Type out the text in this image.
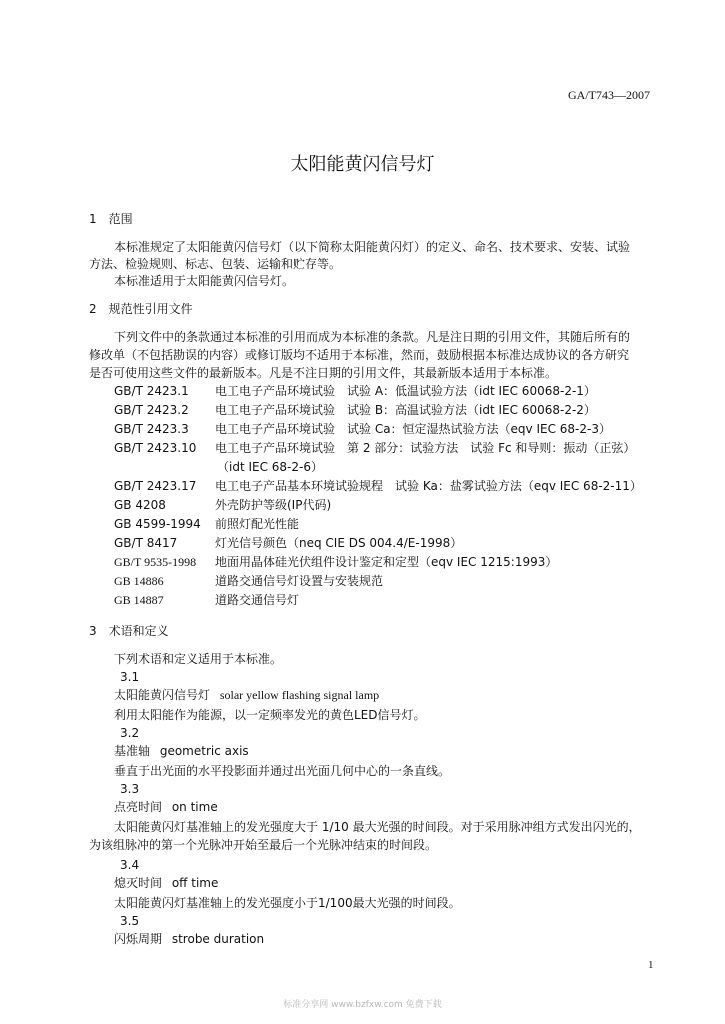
GA/T743—2007
太阳能黄闪信号灯
1　范围
本标准规定了太阳能黄闪信号灯（以下简称太阳能黄闪灯）的定义、命名、技术要求、安装、试验
方法、检验规则、标志、包装、运输和贮存等。
本标准适用于太阳能黄闪信号灯。
2　规范性引用文件
下列文件中的条款通过本标准的引用而成为本标准的条款。凡是注日期的引用文件，其随后所有的
修改单（不包括勘误的内容）或修订版均不适用于本标准，然而，鼓励根据本标准达成协议的各方研究
是否可使用这些文件的最新版本。凡是不注日期的引用文件，其最新版本适用于本标准。
GB/T 2423.1 电工电子产品环境试验　试验 A：低温试验方法（idt IEC 60068-2-1）
GB/T 2423.2 电工电子产品环境试验　试验 B：高温试验方法（idt IEC 60068-2-2）
GB/T 2423.3 电工电子产品环境试验　试验 Ca：恒定湿热试验方法（eqv IEC 68-2-3）
GB/T 2423.10 电工电子产品环境试验　第 2 部分：试验方法　试验 Fc 和导则：振动（正弦）
（idt IEC 68-2-6）
GB/T 2423.17 电工电子产品基本环境试验规程　试验 Ka：盐雾试验方法（eqv IEC 68-2-11）
GB 4208	外壳防护等级(IP代码)
GB 4599-1994 前照灯配光性能
GB/T 8417	灯光信号颜色（neq CIE DS 004.4/E-1998）
GB/T 9535-1998 地面用晶体硅光伏组件设计鉴定和定型（eqv IEC 1215:1993）
GB 14886	道路交通信号灯设置与安装规范
GB 14887	道路交通信号灯
3　术语和定义
下列术语和定义适用于本标准。
3.1
太阳能黄闪信号灯 solar yellow flashing signal lamp
利用太阳能作为能源，以一定频率发光的黄色LED信号灯。
3.2
基准轴 geometric axis
垂直于出光面的水平投影面并通过出光面几何中心的一条直线。
3.3
点亮时间 on time
太阳能黄闪灯基准轴上的发光强度大于 1/10 最大光强的时间段。对于采用脉冲组方式发出闪光的，
为该组脉冲的第一个光脉冲开始至最后一个光脉冲结束的时间段。
3.4
熄灭时间 off time
太阳能黄闪灯基准轴上的发光强度小于1/100最大光强的时间段。
3.5
闪烁周期 strobe duration
1
标准分享网 www.bzfxw.com 免费下载
